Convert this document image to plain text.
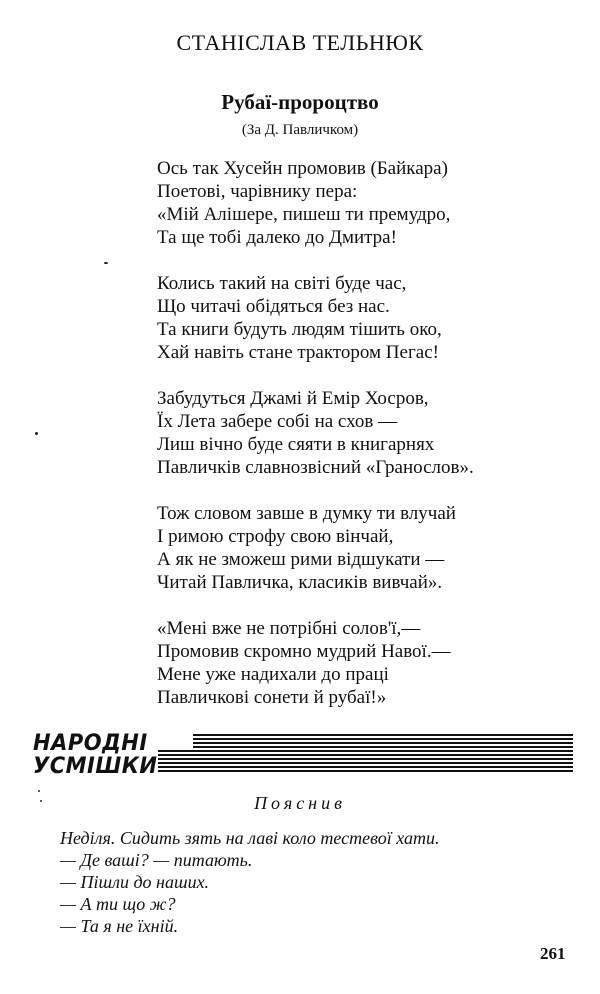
СТАНІСЛАВ ТЕЛЬНЮК
Рубаї-пророцтво
(За Д. Павличком)
Ось так Хусейн промовив (Байкара)
Поетові, чарівнику пера:
«Мій Алішере, пишеш ти премудро,
Та ще тобі далеко до Дмитра!
Колись такий на світі буде час,
Що читачі обідяться без нас.
Та книги будуть людям тішить око,
Хай навіть стане трактором Пегас!
Забудуться Джамі й Емір Хосров,
Їх Лета забере собі на схов —
Лиш вічно буде сяяти в книгарнях
Павличків славнозвісний «Гранослов».
Тож словом завше в думку ти влучай
І римою строфу свою вінчай,
А як не зможеш рими відшукати —
Читай Павличка, класиків вивчай».
«Мені вже не потрібні солов'ї,—
Промовив скромно мудрий Навої.—
Мене уже надихали до праці
Павличкові сонети й рубаї!»
НАРОДНІ
УСМІШКИ
Пояснив
Неділя. Сидить зять на лаві коло тестевої хати.
— Де ваші? — питають.
— Пішли до наших.
— А ти що ж?
— Та я не їхній.
261
